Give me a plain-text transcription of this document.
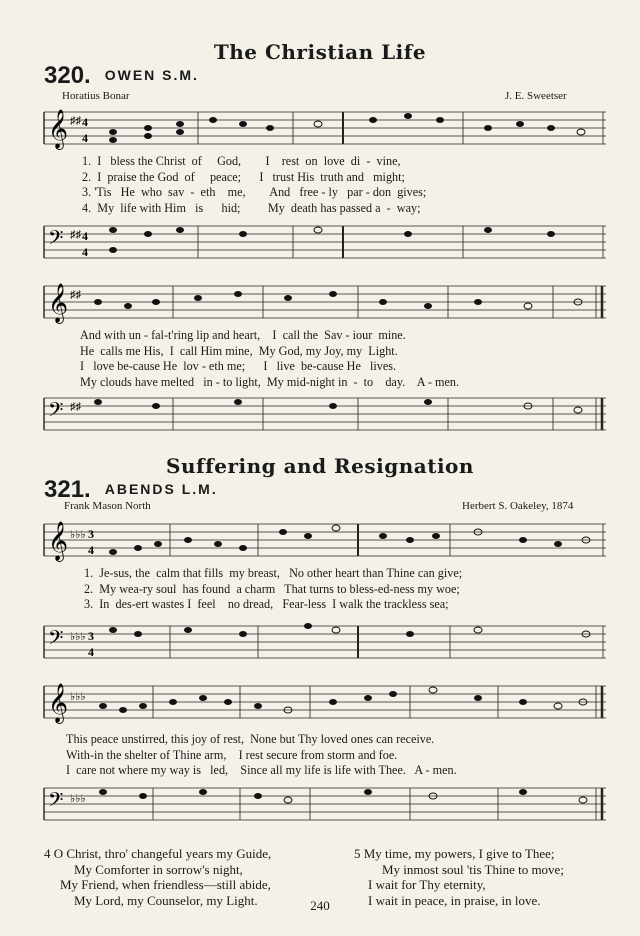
The Christian Life
320. OWEN S.M.
Horatius Bonar	J. E. Sweetser
𝄞 ♯♯ 4
4
1.  I   bless the Christ  of     God,        I    rest  on  love  di  -  vine,
2.  I  praise the God  of     peace;      I   trust His  truth and   might;
3. 'Tis   He  who  sav  -  eth    me,        And   free - ly   par - don  gives;
4.  My  life with Him   is      hid;         My  death has passed a  -  way;
𝄢 ♯♯ 4
4
𝄞 ♯♯
And with un - fal-t'ring lip and heart,    I  call the  Sav - iour  mine.
He  calls me His,  I  call Him mine,  My God, my Joy, my  Light.
I   love be-cause He  lov - eth me;      I   live  be-cause He   lives.
My clouds have melted   in - to light,  My mid-night in  -  to    day.    A - men.
𝄢 ♯♯
Suffering and Resignation
321. ABENDS L.M.
Frank Mason North	Herbert S. Oakeley, 1874
𝄞 ♭♭♭ 3
4
1.  Je-sus, the  calm that fills  my breast,   No other heart than Thine can give;
2.  My wea-ry soul  has found  a charm   That turns to bless-ed-ness my woe;
3.  In  des-ert wastes I  feel    no dread,   Fear-less  I walk the trackless sea;
𝄢 ♭♭♭ 3
4
𝄞 ♭♭♭
This peace unstirred, this joy of rest,  None but Thy loved ones can receive.
With-in the shelter of Thine arm,    I rest secure from storm and foe.
I  care not where my way is   led,    Since all my life is life with Thee.   A - men.
𝄢 ♭♭♭
4 O Christ, thro' changeful years my Guide,
My Comforter in sorrow's night,
My Friend, when friendless—still abide,
My Lord, my Counselor, my Light.
5 My time, my powers, I give to Thee;
My inmost soul 'tis Thine to move;
I wait for Thy eternity,
I wait in peace, in praise, in love.
240
